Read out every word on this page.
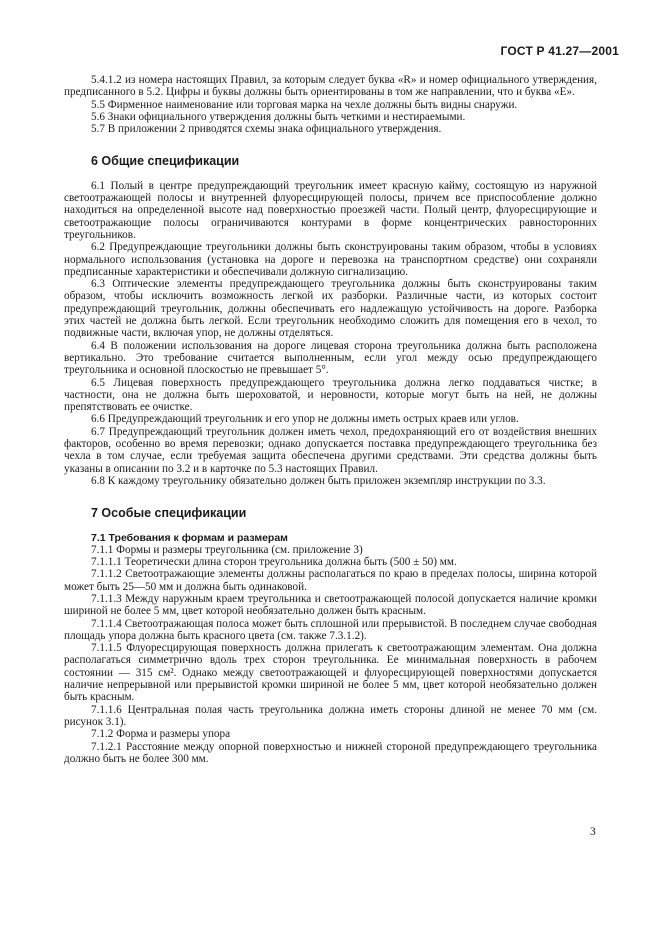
ГОСТ Р 41.27—2001

5.4.1.2 из номера настоящих Правил, за которым следует буква «R» и номер официального утверждения, предписанного в 5.2. Цифры и буквы должны быть ориентированы в том же направлении, что и буква «Е».

5.5 Фирменное наименование или торговая марка на чехле должны быть видны снаружи.

5.6 Знаки официального утверждения должны быть четкими и нестираемыми.

5.7 В приложении 2 приводятся схемы знака официального утверждения.

6 Общие спецификации

6.1 Полый в центре предупреждающий треугольник имеет красную кайму, состоящую из наружной светоотражающей полосы и внутренней флуоресцирующей полосы, причем все приспособление должно находиться на определенной высоте над поверхностью проезжей части. Полый центр, флуоресцирующие и светоотражающие полосы ограничиваются контурами в форме концентрических равносторонних треугольников.

6.2 Предупреждающие треугольники должны быть сконструированы таким образом, чтобы в условиях нормального использования (установка на дороге и перевозка на транспортном средстве) они сохраняли предписанные характеристики и обеспечивали должную сигнализацию.

6.3 Оптические элементы предупреждающего треугольника должны быть сконструированы таким образом, чтобы исключить возможность легкой их разборки. Различные части, из которых состоит предупреждающий треугольник, должны обеспечивать его надлежащую устойчивость на дороге. Разборка этих частей не должна быть легкой. Если треугольник необходимо сложить для помещения его в чехол, то подвижные части, включая упор, не должны отделяться.

6.4 В положении использования на дороге лицевая сторона треугольника должна быть расположена вертикально. Это требование считается выполненным, если угол между осью предупреждающего треугольника и основной плоскостью не превышает 5°.

6.5 Лицевая поверхность предупреждающего треугольника должна легко поддаваться чистке; в частности, она не должна быть шероховатой, и неровности, которые могут быть на ней, не должны препятствовать ее очистке.

6.6 Предупреждающий треугольник и его упор не должны иметь острых краев или углов.

6.7 Предупреждающий треугольник должен иметь чехол, предохраняющий его от воздействия внешних факторов, особенно во время перевозки; однако допускается поставка предупреждающего треугольника без чехла в том случае, если требуемая защита обеспечена другими средствами. Эти средства должны быть указаны в описании по 3.2 и в карточке по 5.3 настоящих Правил.

6.8 К каждому треугольнику обязательно должен быть приложен экземпляр инструкции по 3.3.

7 Особые спецификации
7.1 Требования к формам и размерам

7.1.1 Формы и размеры треугольника (см. приложение 3)

7.1.1.1 Теоретически длина сторон треугольника должна быть (500 ± 50) мм.

7.1.1.2 Светоотражающие элементы должны располагаться по краю в пределах полосы, ширина которой может быть 25—50 мм и должна быть одинаковой.

7.1.1.3 Между наружным краем треугольника и светоотражающей полосой допускается наличие кромки шириной не более 5 мм, цвет которой необязательно должен быть красным.

7.1.1.4 Светоотражающая полоса может быть сплошной или прерывистой. В последнем случае свободная площадь упора должна быть красного цвета (см. также 7.3.1.2).

7.1.1.5 Флуоресцирующая поверхность должна прилегать к светоотражающим элементам. Она должна располагаться симметрично вдоль трех сторон треугольника. Ее минимальная поверхность в рабочем состоянии — 315 см². Однако между светоотражающей и флуоресцирующей поверхностями допускается наличие непрерывной или прерывистой кромки шириной не более 5 мм, цвет которой необязательно должен быть красным.

7.1.1.6 Центральная полая часть треугольника должна иметь стороны длиной не менее 70 мм (см. рисунок 3.1).

7.1.2 Форма и размеры упора

7.1.2.1 Расстояние между опорной поверхностью и нижней стороной предупреждающего треугольника должно быть не более 300 мм.

3
